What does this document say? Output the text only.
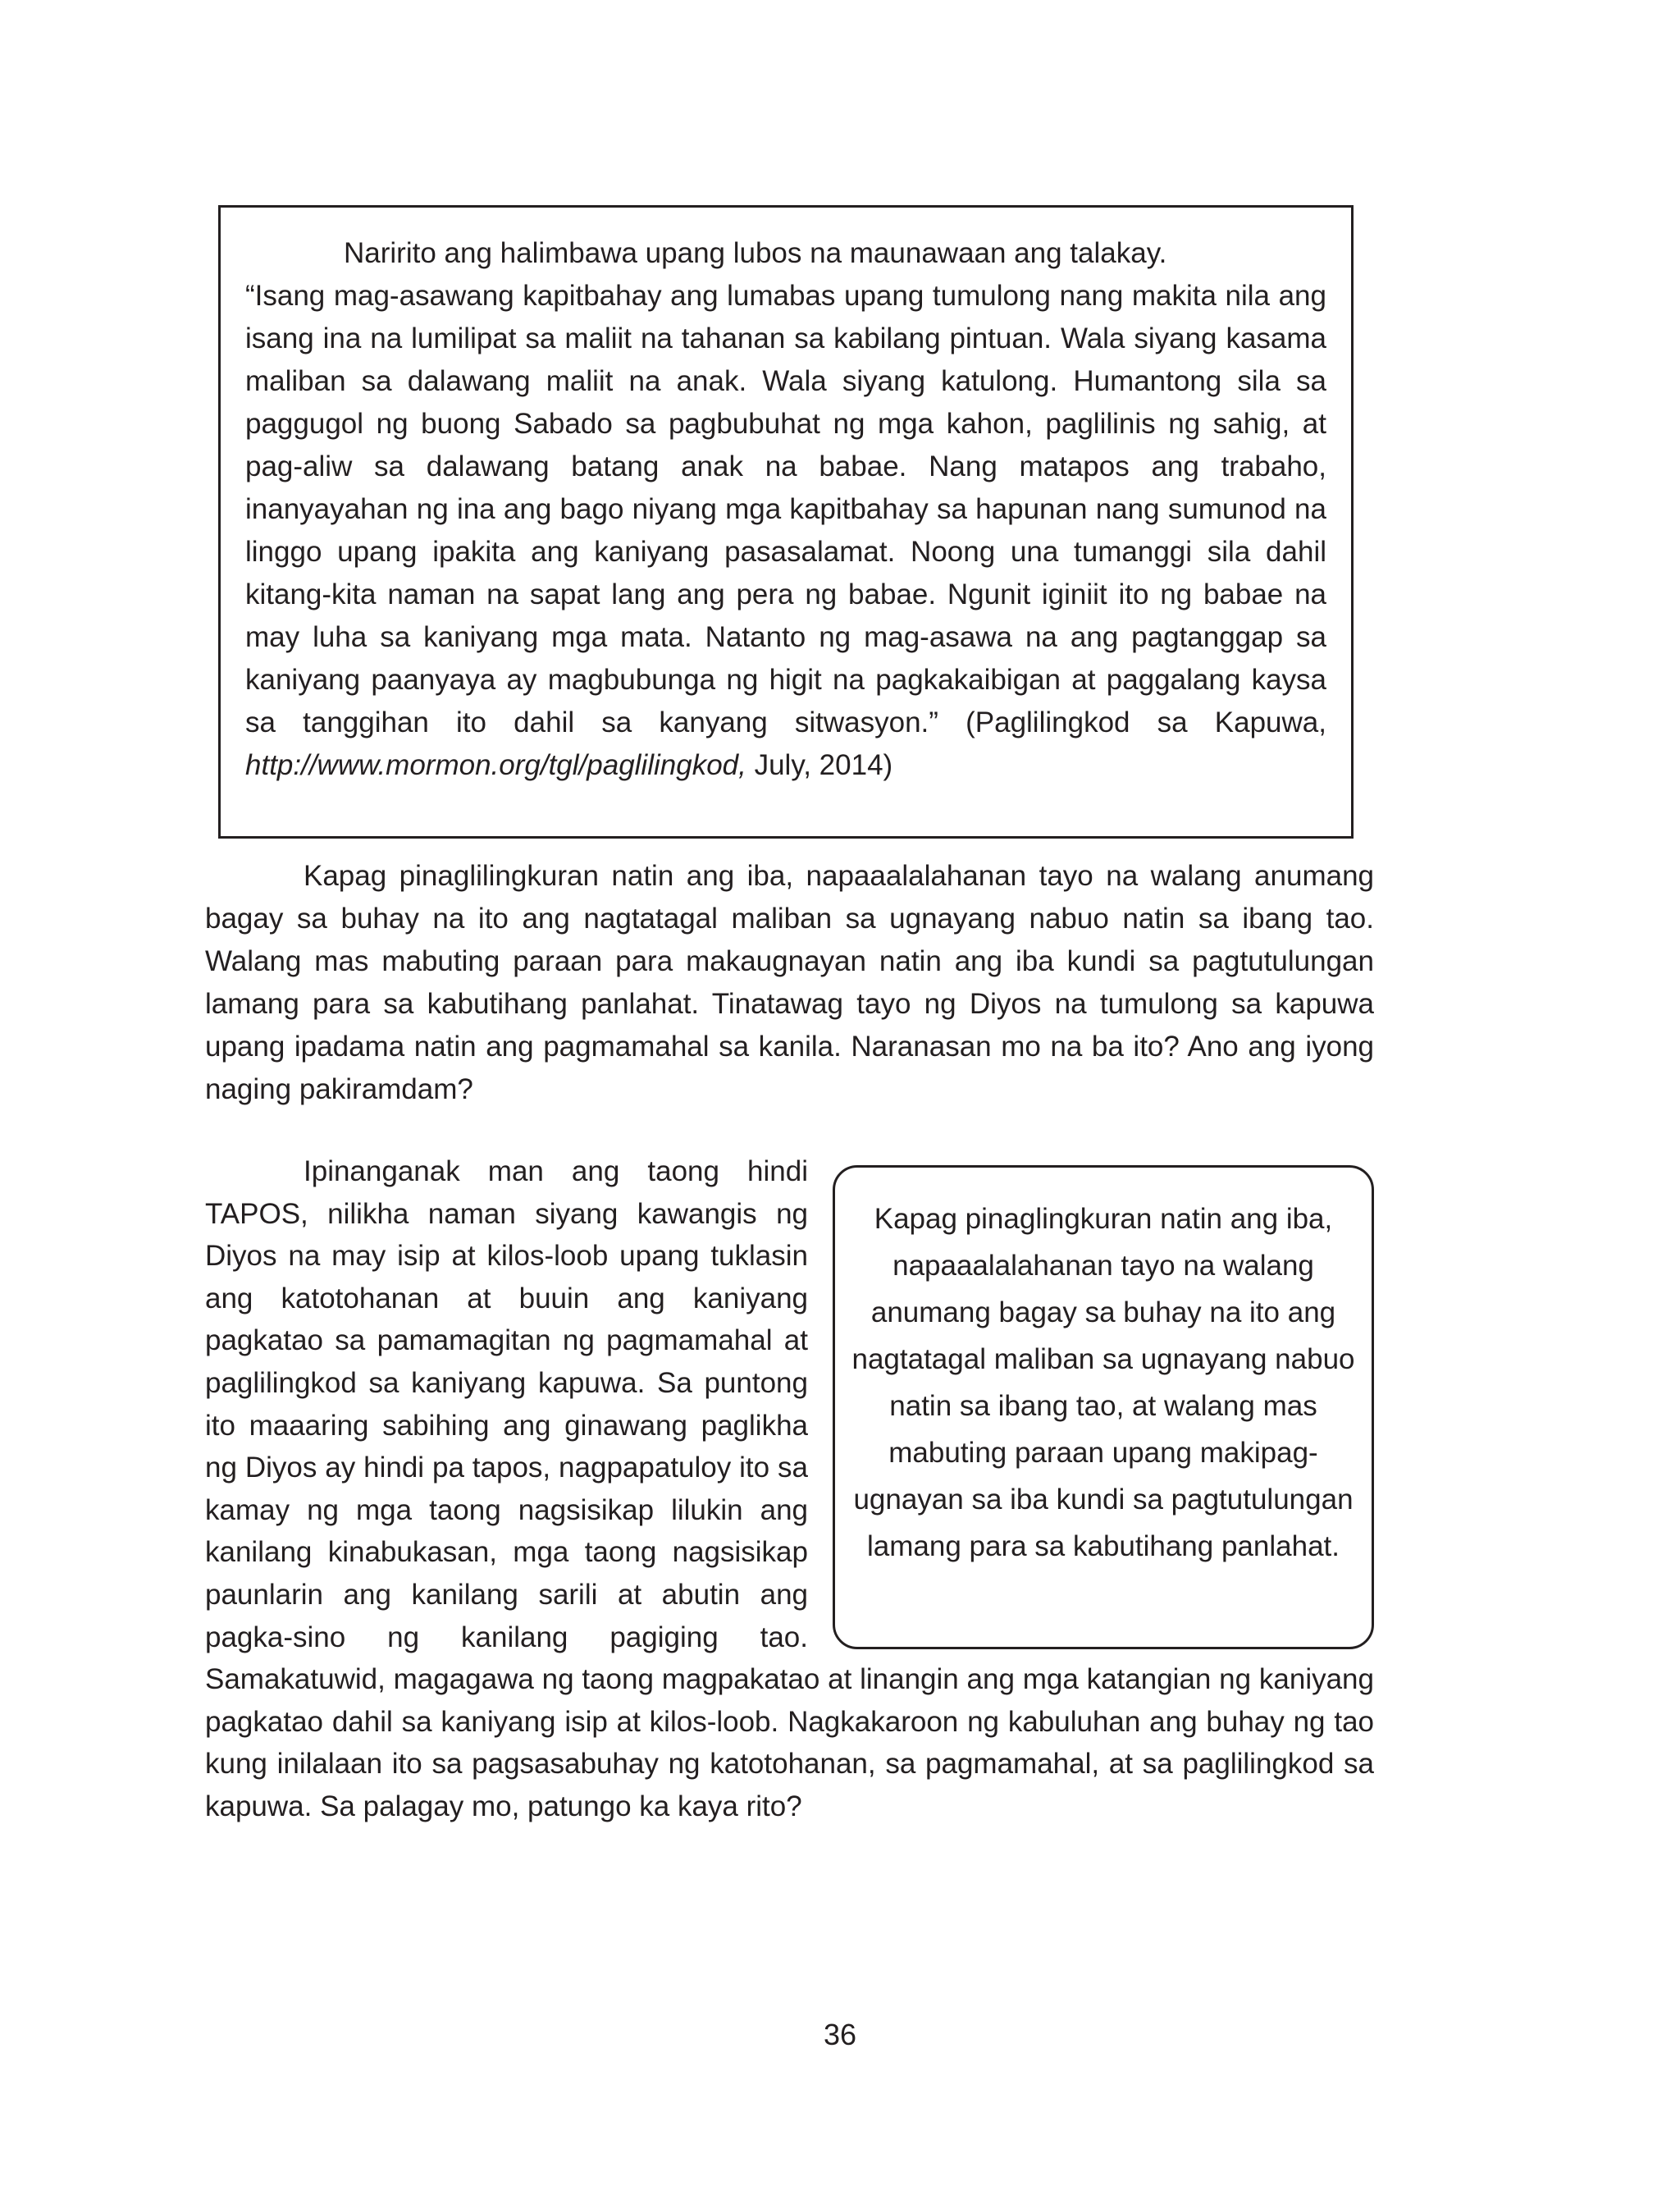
Naririto ang halimbawa upang lubos na maunawaan ang talakay.

“Isang mag-asawang kapitbahay ang lumabas upang tumulong nang makita nila ang isang ina na lumilipat sa maliit na tahanan sa kabilang pintuan. Wala siyang kasama maliban sa dalawang maliit na anak. Wala siyang katulong. Humantong sila sa paggugol ng buong Sabado sa pagbubuhat ng mga kahon, paglilinis ng sahig, at pag-aliw sa dalawang batang anak na babae. Nang matapos ang trabaho, inanyayahan ng ina ang bago niyang mga kapitbahay sa hapunan nang sumunod na linggo upang ipakita ang kaniyang pasasalamat. Noong una tumanggi sila dahil kitang-kita naman na sapat lang ang pera ng babae. Ngunit iginiit ito ng babae na may luha sa kaniyang mga mata. Natanto ng mag-asawa na ang pagtanggap sa kaniyang paanyaya ay magbubunga ng higit na pagkakaibigan at paggalang kaysa sa tanggihan ito dahil sa kanyang sitwasyon.” (Paglilingkod sa Kapuwa, http://www.mormon.org/tgl/paglilingkod, July, 2014)

Kapag pinaglilingkuran natin ang iba, napaaalalahanan tayo na walang anumang bagay sa buhay na ito ang nagtatagal maliban sa ugnayang nabuo natin sa ibang tao. Walang mas mabuting paraan para makaugnayan natin ang iba kundi sa pagtutulungan lamang para sa kabutihang panlahat. Tinatawag tayo ng Diyos na tumulong sa kapuwa upang ipadama natin ang pagmamahal sa kanila. Naranasan mo na ba ito? Ano ang iyong naging pakiramdam?

Kapag pinaglingkuran natin ang iba, napaaalalahanan tayo na walang anumang bagay sa buhay na ito ang nagtatagal maliban sa ugnayang nabuo natin sa ibang tao, at walang mas mabuting paraan upang makipag-ugnayan sa iba kundi sa pagtutulungan lamang para sa kabutihang panlahat.
Ipinanganak man ang taong hindi TAPOS, nilikha naman siyang kawangis ng Diyos na may isip at kilos-loob upang tuklasin ang katotohanan at buuin ang kaniyang pagkatao sa pamamagitan ng pagmamahal at paglilingkod sa kaniyang kapuwa. Sa puntong ito maaaring sabihing ang ginawang paglikha ng Diyos ay hindi pa tapos, nagpapatuloy ito sa kamay ng mga taong nagsisikap lilukin ang kanilang kinabukasan, mga taong nagsisikap paunlarin ang kanilang sarili at abutin ang pagka-sino ng kanilang pagiging tao. Samakatuwid, magagawa ng taong magpakatao at linangin ang mga katangian ng kaniyang pagkatao dahil sa kaniyang isip at kilos-loob. Nagkakaroon ng kabuluhan ang buhay ng tao kung inilalaan ito sa pagsasabuhay ng katotohanan, sa pagmamahal, at sa paglilingkod sa kapuwa. Sa palagay mo, patungo ka kaya rito?
36
